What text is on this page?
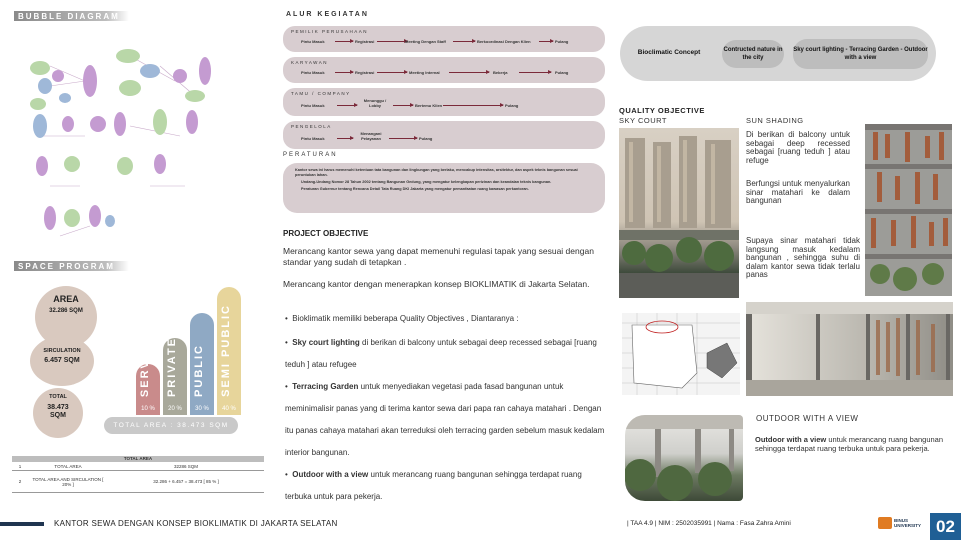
BUBBLE DIAGRAM
SPACE PROGRAM
AREA
32.286 SQM
SIRCULATION
6.457 SQM
TOTAL
38.473 SQM
SERVICE
10 %
PRIVATE
20 %
PUBLIC
30 %
SEMI PUBLIC
40 %
TOTAL AREA : 38.473 SQM
TOTAL AREA
1	TOTAL AREA	32286 SQM
2	TOTAL AREA AND SIRCULATION [ 20% ]	32.286 + 6.457 = 38.473 [ 85 % ]
ALUR KEGIATAN
PEMILIK PERUSAHAAN
Pintu Masuk	Registrasi	Meeting Dengan Staff	Berkoordinasi Dengan Klien	Pulang
KARYAWAN
Pintu Masuk	Registrasi	Meeting Internal	Bekerja	Pulang
TAMU / COMPANY
Pintu Masuk
Menunggu / Lobby	Bertemu Klien	Pulang
PENGELOLA
Pintu Masuk
Menangani Pelayanan	Pulang
PERATURAN
Kantor sewa ini harus memenuhi ketentuan tata bangunan dan lingkungan yang berlaku, mencakup intensitas, arsitektur, dan aspek teknis bangunan sesuai peruntukan lahan.
Undang-Undang Nomor 28 Tahun 2002 tentang Bangunan Gedung, yang mengatur kelengkapan perizinan dan keandalan teknis bangunan.
Peraturan Gubernur tentang Rencana Detail Tata Ruang DKI Jakarta yang mengatur pemanfaatan ruang kawasan perkantoran.
PROJECT OBJECTIVE
Merancang kantor sewa yang dapat memenuhi regulasi tapak yang sesuai dengan standar yang sudah di tetapkan .
Merancang kantor dengan menerapkan konsep BIOKLIMATIK di Jakarta Selatan.
•  Bioklimatik memiliki beberapa Quality Objectives , Diantaranya :
•  Sky court lighting di berikan di balcony untuk sebagai deep recessed sebagai [ruang teduh ] atau refugee
•  Terracing Garden untuk menyediakan vegetasi pada fasad bangunan untuk meminimalisir panas yang di terima kantor sewa dari papa ran cahaya matahari . Dengan itu panas cahaya matahari akan terreduksi oleh terracing garden sebelum masuk kedalam interior bangunan.
•  Outdoor with a view untuk merancang ruang bangunan sehingga terdapat ruang terbuka untuk para pekerja.
Bioclimatic Concept	Contructed nature in the city
Sky court lighting - Terracing Garden - Outdoor with a view
QUALITY OBJECTIVE
SKY COURT	SUN SHADING
Di berikan di balcony untuk sebagai deep recessed sebagai [ruang teduh ] atau refuge
Berfungsi untuk menyalurkan sinar matahari ke dalam bangunan
Supaya sinar matahari tidak langsung masuk kedalam bangunan , sehingga suhu di dalam kantor sewa tidak terlalu panas
OUTDOOR WITH A VIEW
Outdoor with a view untuk merancang ruang bangunan sehingga terdapat ruang terbuka untuk para pekerja.
KANTOR SEWA DENGAN KONSEP BIOKLIMATIK DI JAKARTA SELATAN	| TAA 4.9 | NIM : 2502035991 | Nama : Fasa Zahra Amini	BINUS UNIVERSITY 02
